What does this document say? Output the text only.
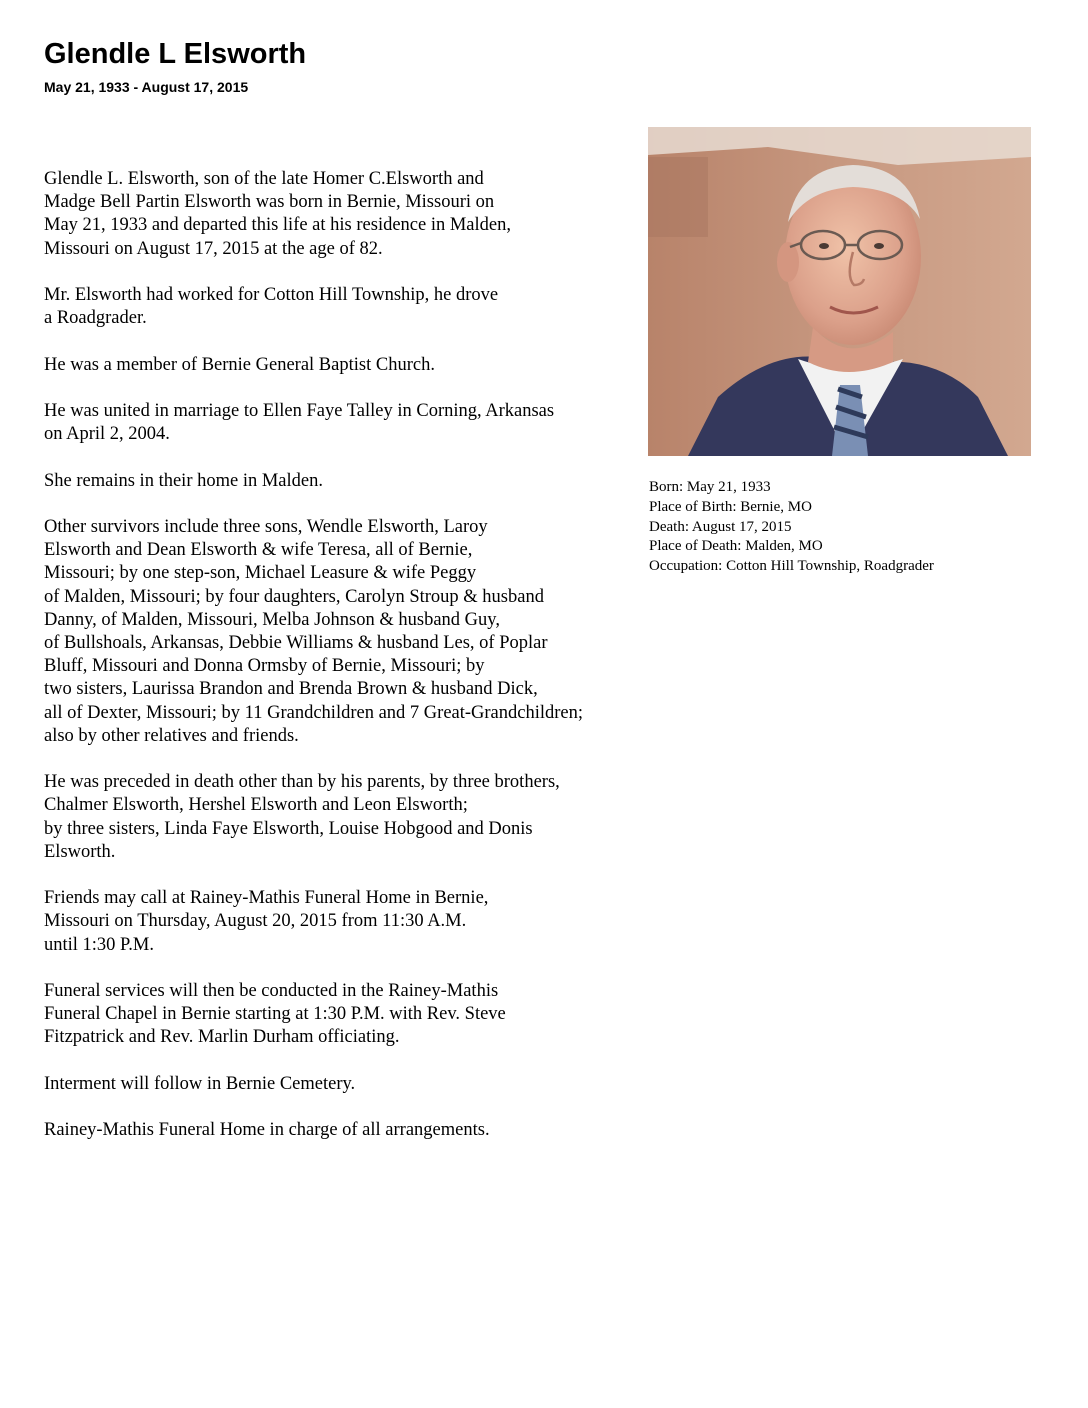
Glendle L Elsworth
May 21, 1933 - August 17, 2015
Born: May 21, 1933
Place of Birth: Bernie, MO
Death: August 17, 2015
Place of Death: Malden, MO
Occupation: Cotton Hill Township, Roadgrader

Glendle L. Elsworth, son of the late Homer C.Elsworth and
Madge Bell Partin Elsworth was born in Bernie, Missouri on
May 21, 1933 and departed this life at his residence in Malden,
Missouri on August 17, 2015 at the age of 82.

Mr. Elsworth had worked for Cotton Hill Township, he drove
a Roadgrader.

He was a member of Bernie General Baptist Church.

He was united in marriage to Ellen Faye Talley in Corning, Arkansas
on April 2, 2004.

She remains in their home in Malden.

Other survivors include three sons, Wendle Elsworth, Laroy
Elsworth and Dean Elsworth & wife Teresa, all of Bernie,
Missouri; by one step-son, Michael Leasure & wife Peggy
of Malden, Missouri; by four daughters, Carolyn Stroup & husband
Danny, of Malden, Missouri, Melba Johnson & husband Guy,
of Bullshoals, Arkansas, Debbie Williams & husband Les, of Poplar
Bluff, Missouri and Donna Ormsby of Bernie, Missouri; by
two sisters, Laurissa Brandon and Brenda Brown & husband Dick,
all of Dexter, Missouri; by 11 Grandchildren and 7 Great-Grandchildren;
also by other relatives and friends.

He was preceded in death other than by his parents, by three brothers,
Chalmer Elsworth, Hershel Elsworth and Leon Elsworth;
by three sisters, Linda Faye Elsworth, Louise Hobgood and Donis
Elsworth.

Friends may call at Rainey-Mathis Funeral Home in Bernie,
Missouri on Thursday, August 20, 2015 from 11:30 A.M.
until 1:30 P.M.

Funeral services will then be conducted in the Rainey-Mathis
Funeral Chapel in Bernie starting at 1:30 P.M. with Rev. Steve
Fitzpatrick and Rev. Marlin Durham officiating.

Interment will follow in Bernie Cemetery.

Rainey-Mathis Funeral Home in charge of all arrangements.
